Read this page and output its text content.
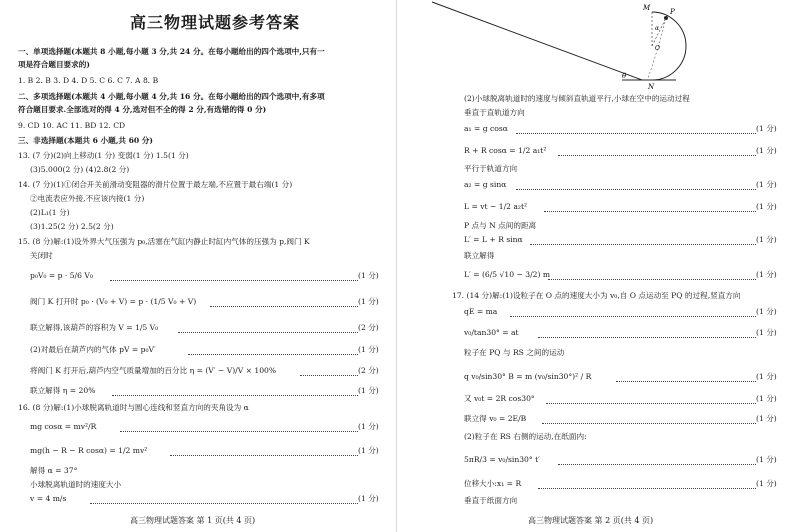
高三物理试题参考答案
一、单项选择题(本题共 8 小题,每小题 3 分,共 24 分。在每小题给出的四个选项中,只有一
项是符合题目要求的)
1. B 2. B 3. D 4. D 5. C 6. C 7. A 8. B
二、多项选择题(本题共 4 小题,每小题 4 分,共 16 分。在每小题给出的四个选项中,有多项
符合题目要求.全部选对的得 4 分,选对但不全的得 2 分,有选错的得 0 分)
9. CD 10. AC 11. BD 12. CD
三、非选择题(本题共 6 小题,共 60 分)
13. (7 分)(2)向上移动(1 分) 变弱(1 分) 1.5(1 分)
(3)5.000(2 分) (4)2.8(2 分)
14. (7 分)(1)①闭合开关前滑动变阻器的滑片位置于最左端,不应置于最右端(1 分)
②电流表应外接,不应该内接(1 分)
(2)L₁(1 分)
(3)1.25(2 分) 2.5(2 分)
15. (8 分)解:(1)设外界大气压强为 p₀,活塞在气缸内静止时缸内气体的压强为 p,阀门 K
关闭时
p₀V₀ = p · 5/6 V₀	(1 分)
阀门 K 打开时 p₀ · (V₀ + V) = p · (1/5 V₀ + V)	(1 分)
联立解得,该葫芦的容积为 V = 1/5 V₀	(2 分)
(2)对最后在葫芦内的气体 pV = p₀V′	(1 分)
将阀门 K 打开后,葫芦内空气质量增加的百分比 η = (V′ − V)/V × 100%	(2 分)
联立解得 η = 20%	(1 分)
16. (8 分)解:(1)小球脱离轨道时与圆心连线和竖直方向的夹角设为 α
mg cosα = mv²/R	(1 分)
mg(h − R − R cosα) = 1/2 mv²	(1 分)
解得 α = 37°
小球脱离轨道时的速度大小
v = 4 m/s	(1 分)
高三物理试题答案 第 1 页(共 4 页)
M	P
N
θ
O
α
(2)小球脱离轨道时的速度与倾斜直轨道平行,小球在空中的运动过程
垂直于直轨道方向
a₁ = g cosα	(1 分)
R + R cosα = 1/2 a₁t²	(1 分)
平行于轨道方向
a₂ = g sinα	(1 分)
L = vt − 1/2 a₂t²	(1 分)
P 点与 N 点间的距离
L′ = L + R sinα	(1 分)
联立解得
L′ = (6/5 √10 − 3/2) m	(1 分)
17. (14 分)解:(1)设粒子在 O 点的速度大小为 v₀,自 O 点运动至 PQ 的过程,竖直方向
qE = ma	(1 分)
v₀/tan30° = at	(1 分)
粒子在 PQ 与 RS 之间的运动
q v₀/sin30° B = m (v₀/sin30°)² / R	(1 分)
又 v₀t = 2R cos30°	(1 分)
联立得 v₀ = 2E/B	(1 分)
(2)粒子在 RS 右侧的运动,在纸面内:
5πR/3 = v₀/sin30° t′	(1 分)
位移大小:x₁ = R	(1 分)
垂直于纸面方向
高三物理试题答案 第 2 页(共 4 页)
